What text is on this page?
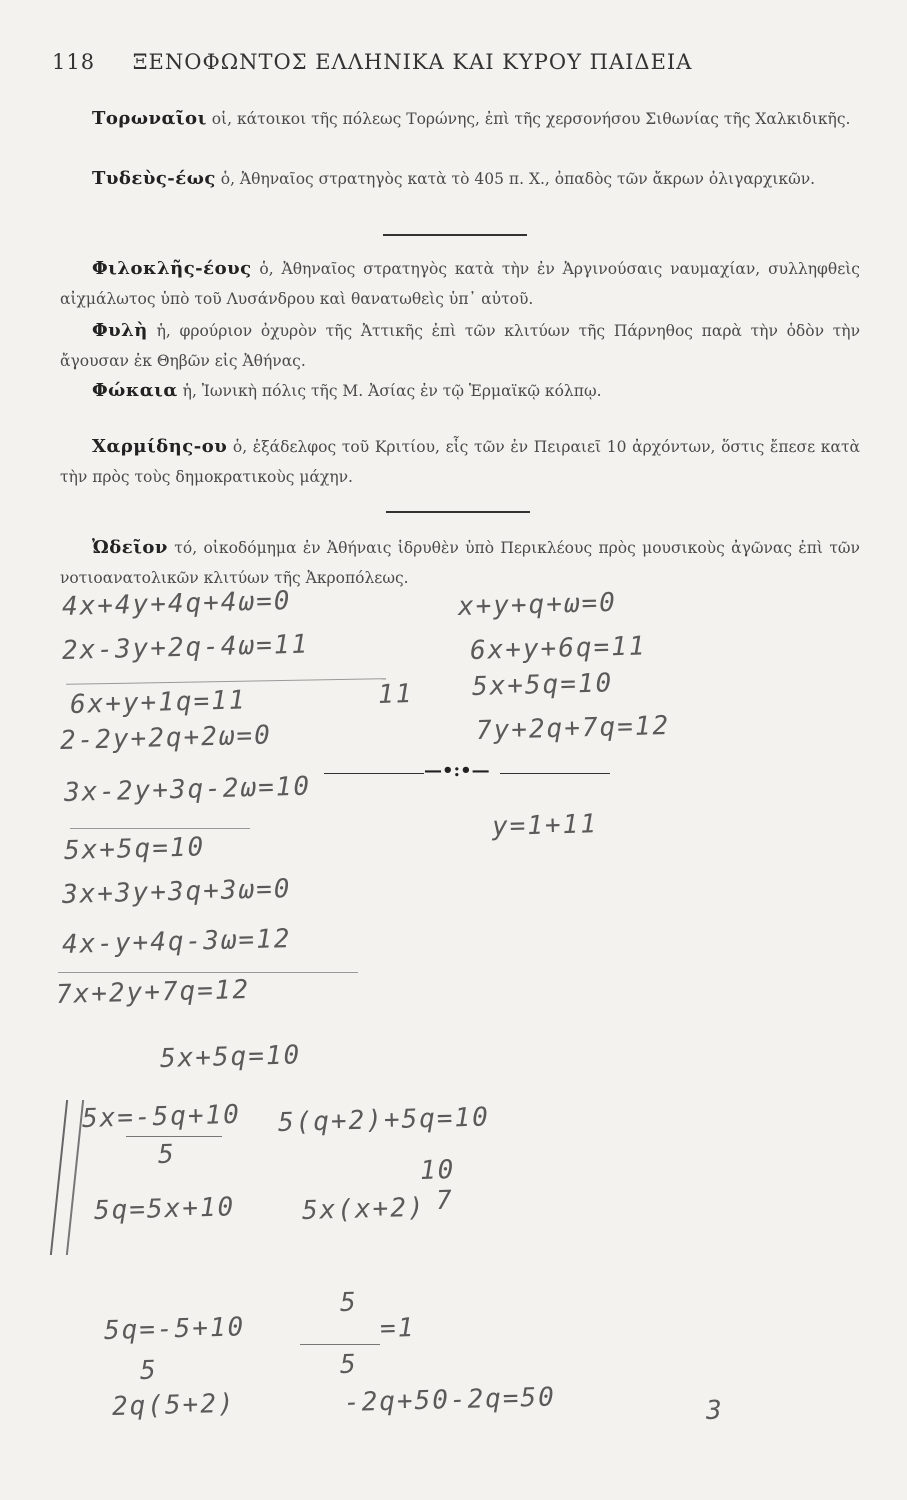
118 ΞΕΝΟΦΩΝΤΟΣ ΕΛΛΗΝΙΚΑ ΚΑΙ ΚΥΡΟΥ ΠΑΙΔΕΙΑ
Τορωναῖοι οἱ, κάτοικοι τῆς πόλεως Τορώνης, ἐπὶ τῆς χερσονήσου Σιθωνίας τῆς Χαλκιδικῆς.
Τυδεὺς-έως ὁ, Ἀθηναῖος στρατηγὸς κατὰ τὸ 405 π. Χ., ὀπαδὸς τῶν ἄκρων ὀλιγαρχικῶν.
Φιλοκλῆς-έους ὁ, Ἀθηναῖος στρατηγὸς κατὰ τὴν ἐν Ἀργινούσαις ναυμαχίαν, συλληφθεὶς αἰχμάλωτος ὑπὸ τοῦ Λυσάνδρου καὶ θανατωθεὶς ὑπ᾽ αὐτοῦ.
Φυλὴ ἡ, φρούριον ὀχυρὸν τῆς Ἀττικῆς ἐπὶ τῶν κλιτύων τῆς Πάρνηθος παρὰ τὴν ὁδὸν τὴν ἄγουσαν ἐκ Θηβῶν εἰς Ἀθήνας.
Φώκαια ἡ, Ἰωνικὴ πόλις τῆς Μ. Ἀσίας ἐν τῷ Ἑρμαϊκῷ κόλπῳ.
Χαρμίδης-ου ὁ, ἐξάδελφος τοῦ Κριτίου, εἷς τῶν ἐν Πειραιεῖ 10 ἀρχόντων, ὅστις ἔπεσε κατὰ τὴν πρὸς τοὺς δημοκρατικοὺς μάχην.
Ὠδεῖον τό, οἰκοδόμημα ἐν Ἀθήναις ἱδρυθὲν ὑπὸ Περικλέους πρὸς μουσικοὺς ἀγῶνας ἐπὶ τῶν νοτιοανατολικῶν κλιτύων τῆς Ἀκροπόλεως.
4x+4y+4q+4ω=0
2x-3y+2q-4ω=11
6x+y+1q=11
2-2y+2q+2ω=0
3x-2y+3q-2ω=10
5x+5q=10
3x+3y+3q+3ω=0
4x-y+4q-3ω=12
7x+2y+7q=12
5x+5q=10
5x=-5q+10
5
5q=5x+10
5q=-5+10
5
2q(5+2)	-2q+50-2q=50
x+y+q+ω=0
6x+y+6q=11
5x+5q=10
7y+2q+7q=12
y=1+11
11
5(q+2)+5q=10
5x(x+2)
10
7
5
=1
5
3
—•:•—
